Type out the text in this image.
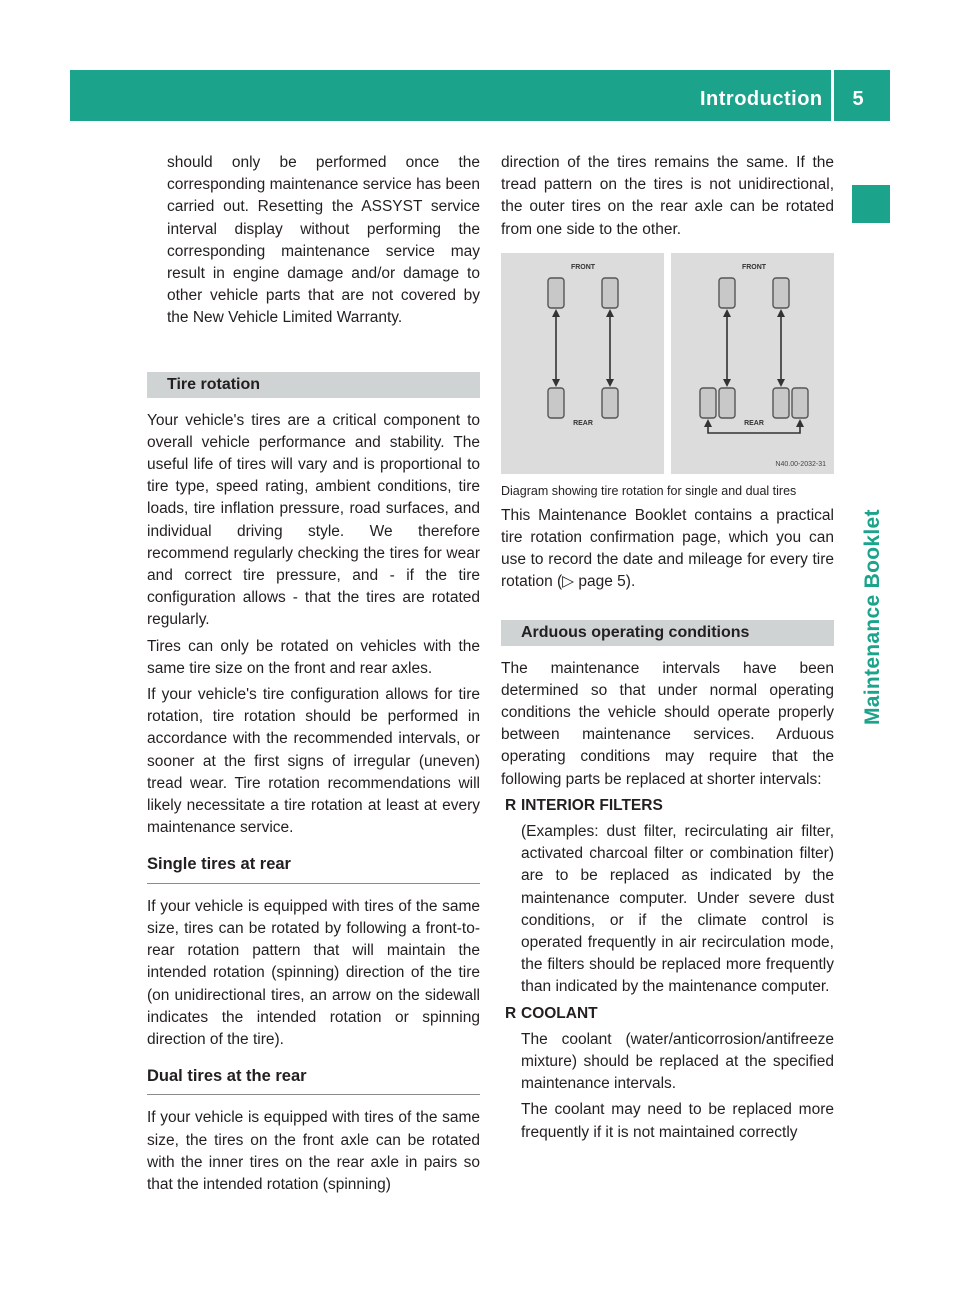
Introduction	5
Maintenance Booklet

should only be performed once the corresponding maintenance service has been carried out. Resetting the ASSYST service interval display without performing the corresponding maintenance service may result in engine damage and/or damage to other vehicle parts that are not covered by the New Vehicle Limited Warranty.

Tire rotation

Your vehicle's tires are a critical component to overall vehicle performance and stability. The useful life of tires will vary and is proportional to tire type, speed rating, ambient conditions, tire loads, tire inflation pressure, road surfaces, and individual driving style. We therefore recommend regularly checking the tires for wear and correct tire pressure, and - if the tire configuration allows - that the tires are rotated regularly.

Tires can only be rotated on vehicles with the same tire size on the front and rear axles.

If your vehicle's tire configuration allows for tire rotation, tire rotation should be performed in accordance with the recommended intervals, or sooner at the first signs of irregular (uneven) tread wear. Tire rotation recommendations will likely necessitate a tire rotation at least at every maintenance service.

Single tires at rear

If your vehicle is equipped with tires of the same size, tires can be rotated by following a front-to-rear rotation pattern that will maintain the intended rotation (spinning) direction of the tire (on unidirectional tires, an arrow on the sidewall indicates the intended rotation or spinning direction of the tire).

Dual tires at the rear

If your vehicle is equipped with tires of the same size, the tires on the front axle can be rotated with the inner tires on the rear axle in pairs so that the intended rotation (spinning)

direction of the tires remains the same. If the tread pattern on the tires is not unidirectional, the outer tires on the rear axle can be rotated from one side to the other.

FRONT
REAR
FRONT
REAR
N40.00-2032-31

Diagram showing tire rotation for single and dual tires

This Maintenance Booklet contains a practical tire rotation confirmation page, which you can use to record the date and mileage for every tire rotation (▷ page 5).

Arduous operating conditions

The maintenance intervals have been determined so that under normal operating conditions the vehicle should operate properly between maintenance services. Arduous operating conditions may require that the following parts be replaced at shorter intervals:

R INTERIOR FILTERS

(Examples: dust filter, recirculating air filter, activated charcoal filter or combination filter) are to be replaced as indicated by the maintenance computer. Under severe dust conditions, or if the climate control is operated frequently in air recirculation mode, the filters should be replaced more frequently than indicated by the maintenance computer.

R COOLANT

The coolant (water/anticorrosion/antifreeze mixture) should be replaced at the specified maintenance intervals.

The coolant may need to be replaced more frequently if it is not maintained correctly
